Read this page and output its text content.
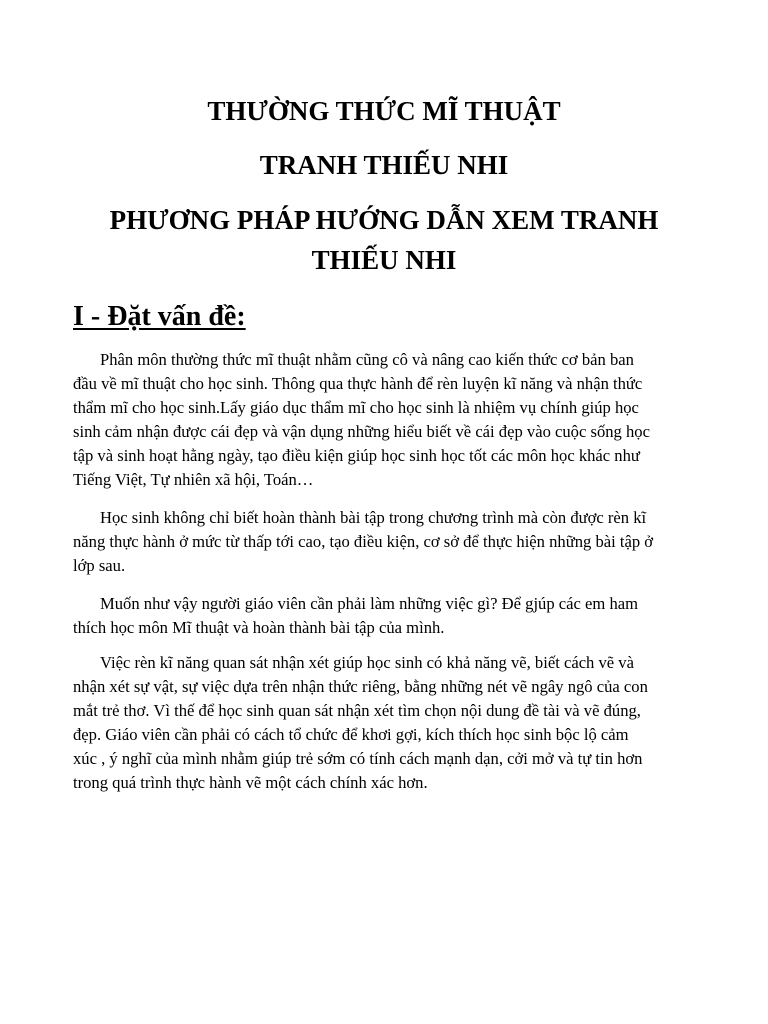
THƯỜNG THỨC MĨ THUẬT
TRANH THIẾU NHI
PHƯƠNG PHÁP HƯỚNG DẪN XEM TRANH
THIẾU NHI
I - Đặt vấn đề:

Phân môn thường thức mĩ thuật nhằm cũng cô và nâng cao kiến thức cơ bản ban

đầu về mĩ thuật cho học sinh. Thông qua thực hành để rèn luyện kĩ năng và nhận thức

thẩm mĩ cho học sinh.Lấy giáo dục thẩm mĩ cho học sinh là nhiệm vụ chính giúp học

sinh cảm nhận được cái đẹp và vận dụng những hiểu biết về cái đẹp vào cuộc sống học

tập và sinh hoạt hằng ngày, tạo điều kiện giúp học sinh học tốt các môn học khác như

Tiếng Việt, Tự nhiên xã hội, Toán…

Học sinh không chỉ biết hoàn thành bài tập trong chương trình mà còn được rèn kĩ

năng thực hành ở mức từ thấp tới cao, tạo điều kiện, cơ sở để thực hiện những bài tập ở

lớp sau.

Muốn như vậy người giáo viên cần phải làm những việc gì? Để gjúp các em ham

thích học môn Mĩ thuật và hoàn thành bài tập của mình.

Việc rèn kĩ năng quan sát nhận xét giúp học sinh có khả năng vẽ, biết cách vẽ và

nhận xét sự vật, sự việc dựa trên nhận thức riêng, bằng những nét vẽ ngây ngô của con

mắt trẻ thơ. Vì thế để học sinh quan sát nhận xét tìm chọn nội dung đề tài và vẽ đúng,

đẹp. Giáo viên cần phải có cách tổ chức để khơi gợi, kích thích học sinh bộc lộ cảm

xúc , ý nghĩ của mình nhằm giúp trẻ sớm có tính cách mạnh dạn, cởi mở và tự tin hơn

trong quá trình thực hành vẽ một cách chính xác hơn.
